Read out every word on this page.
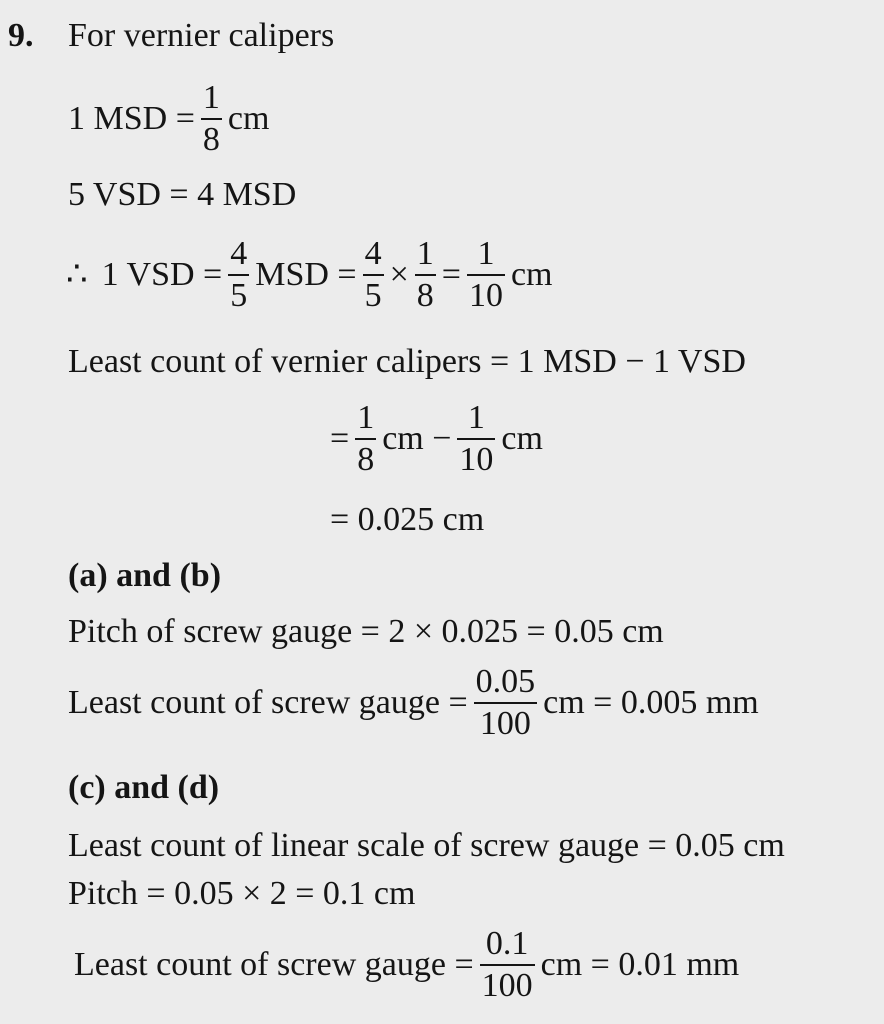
9. For vernier calipers
1 MSD = $\frac{1}{8}$ cm
5 VSD = 4 MSD
∴ 1 VSD = $\frac{4}{5}$ MSD = $\frac{4}{5} \times \frac{1}{8} = \frac{1}{10}$ cm
Least count of vernier calipers = 1 MSD − 1 VSD
= $\frac{1}{8}$ cm − $\frac{1}{10}$ cm
= 0.025 cm
(a) and (b)
Pitch of screw gauge = 2 × 0.025 = 0.05 cm
Least count of screw gauge = $\frac{0.05}{100}$ cm = 0.005 mm
(c) and (d)
Least count of linear scale of screw gauge = 0.05 cm
Pitch = 0.05 × 2 = 0.1 cm
Least count of screw gauge = $\frac{0.1}{100}$ cm = 0.01 mm
